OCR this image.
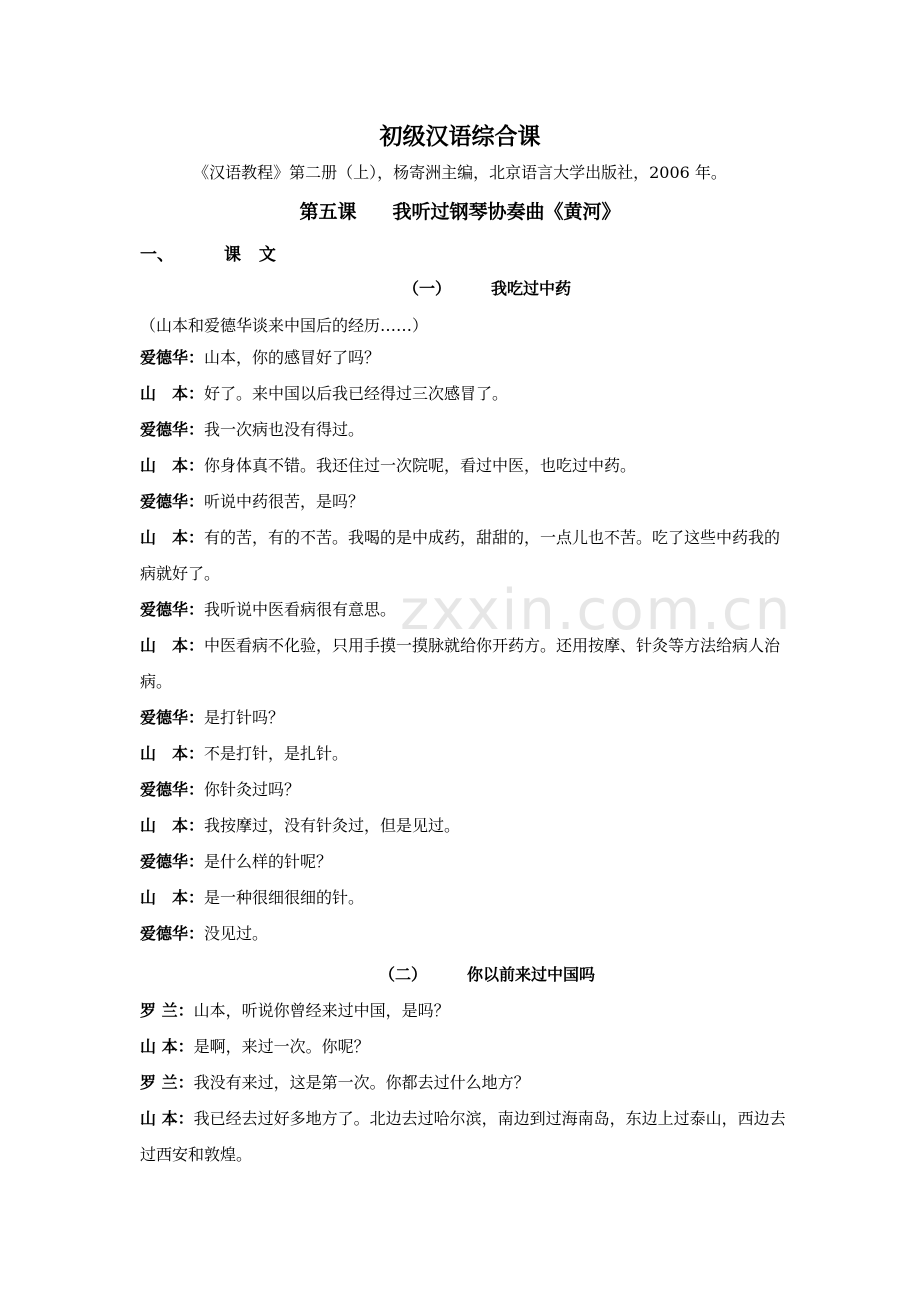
初级汉语综合课
《汉语教程》第二册（上），杨寄洲主编，北京语言大学出版社，2006 年。
第五课 我听过钢琴协奏曲《黄河》
一、	课 文
（一）	我吃过中药
（山本和爱德华谈来中国后的经历……）

爱德华：山本，你的感冒好了吗？

山　本：好了。来中国以后我已经得过三次感冒了。

爱德华：我一次病也没有得过。

山　本：你身体真不错。我还住过一次院呢，看过中医，也吃过中药。

爱德华：听说中药很苦，是吗？

山　本：有的苦，有的不苦。我喝的是中成药，甜甜的，一点儿也不苦。吃了这些中药我的病就好了。

爱德华：我听说中医看病很有意思。

山　本：中医看病不化验，只用手摸一摸脉就给你开药方。还用按摩、针灸等方法给病人治病。

爱德华：是打针吗？

山　本：不是打针，是扎针。

爱德华：你针灸过吗？

山　本：我按摩过，没有针灸过，但是见过。

爱德华：是什么样的针呢？

山　本：是一种很细很细的针。

爱德华：没见过。

（二）	你以前来过中国吗

罗 兰：山本，听说你曾经来过中国，是吗？

山 本：是啊，来过一次。你呢？

罗 兰：我没有来过，这是第一次。你都去过什么地方？

山 本：我已经去过好多地方了。北边去过哈尔滨，南边到过海南岛，东边上过泰山，西边去过西安和敦煌。

zxxin.com.cn
